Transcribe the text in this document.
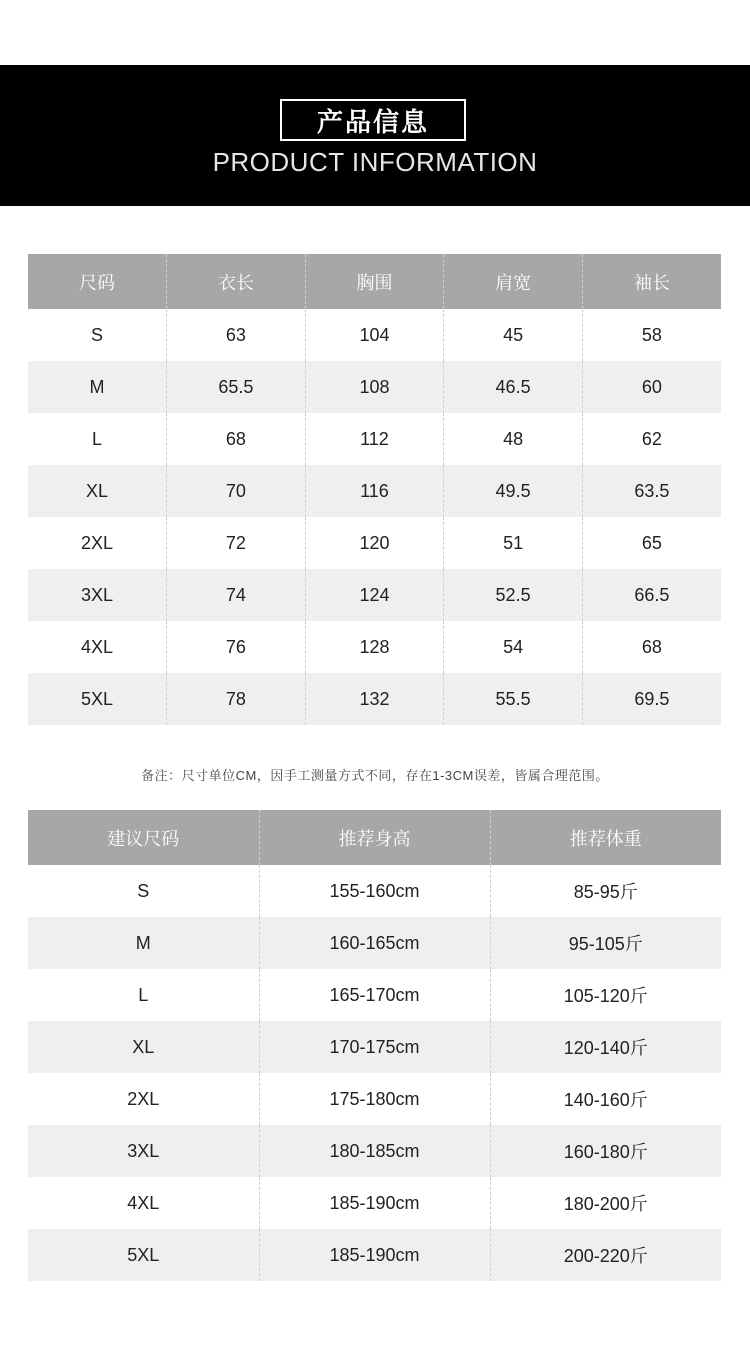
产品信息
PRODUCT INFORMATION
尺码	衣长	胸围	肩宽	袖长
S	63	104	45	58
M	65.5	108	46.5	60
L	68	112	48	62
XL	70	116	49.5	63.5
2XL	72	120	51	65
3XL	74	124	52.5	66.5
4XL	76	128	54	68
5XL	78	132	55.5	69.5
备注：尺寸单位CM，因手工测量方式不同，存在1-3CM误差，皆属合理范围。
建议尺码	推荐身高	推荐体重
S	155-160cm	85-95斤
M	160-165cm	95-105斤
L	165-170cm	105-120斤
XL	170-175cm	120-140斤
2XL	175-180cm	140-160斤
3XL	180-185cm	160-180斤
4XL	185-190cm	180-200斤
5XL	185-190cm	200-220斤
